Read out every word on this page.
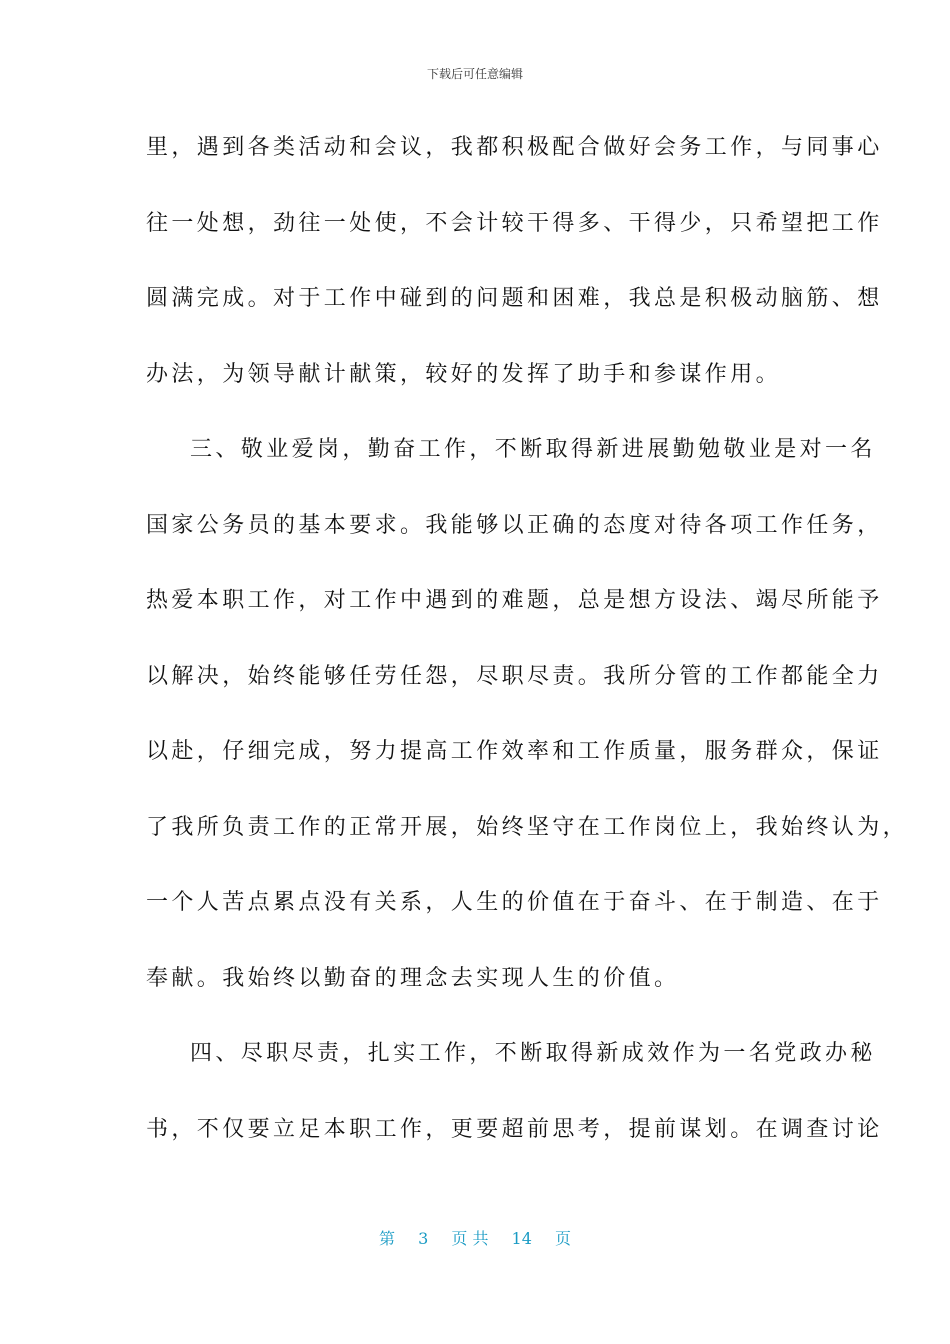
下载后可任意编辑
里，遇到各类活动和会议，我都积极配合做好会务工作，与同事心
往一处想，劲往一处使，不会计较干得多、干得少，只希望把工作
圆满完成。对于工作中碰到的问题和困难，我总是积极动脑筋、想
办法，为领导献计献策，较好的发挥了助手和参谋作用。
三、敬业爱岗，勤奋工作，不断取得新进展勤勉敬业是对一名
国家公务员的基本要求。我能够以正确的态度对待各项工作任务，
热爱本职工作，对工作中遇到的难题，总是想方设法、竭尽所能予
以解决，始终能够任劳任怨，尽职尽责。我所分管的工作都能全力
以赴，仔细完成，努力提高工作效率和工作质量，服务群众，保证
了我所负责工作的正常开展，始终坚守在工作岗位上，我始终认为，
一个人苦点累点没有关系，人生的价值在于奋斗、在于制造、在于
奉献。我始终以勤奋的理念去实现人生的价值。
四、尽职尽责，扎实工作，不断取得新成效作为一名党政办秘
书，不仅要立足本职工作，更要超前思考，提前谋划。在调查讨论
第 3 页 共 14 页
